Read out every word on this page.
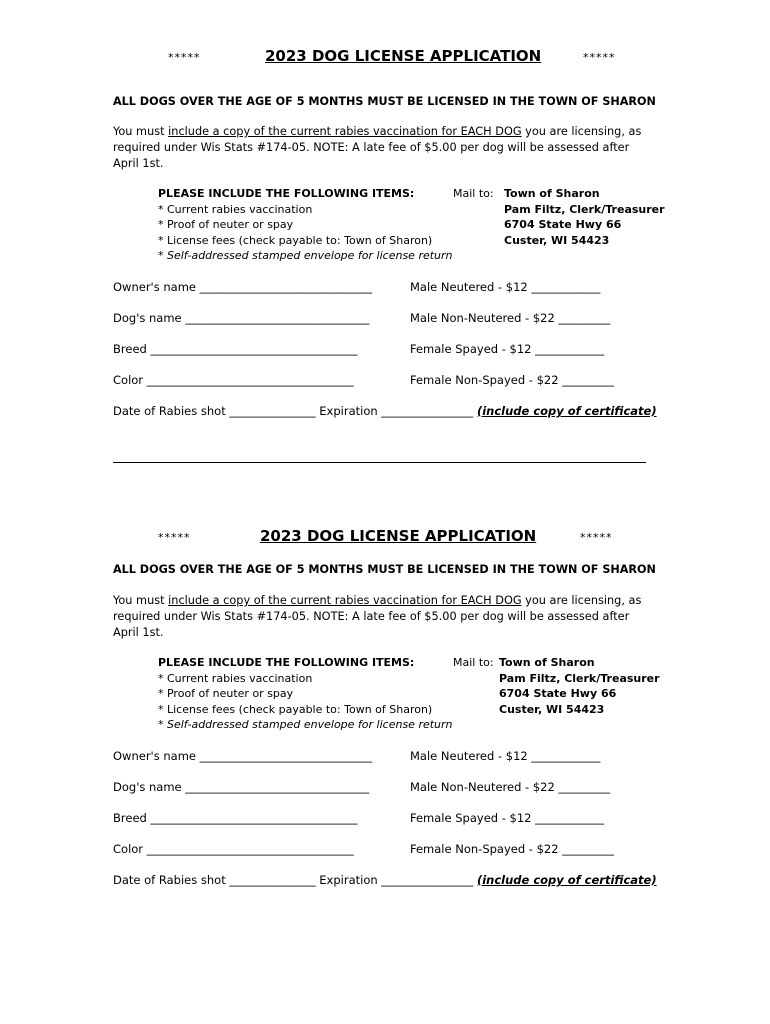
*****	2023 DOG LICENSE APPLICATION	*****
ALL DOGS OVER THE AGE OF 5 MONTHS MUST BE LICENSED IN THE TOWN OF SHARON
You must include a copy of the current rabies vaccination for EACH DOG you are licensing, as required under Wis Stats #174-05. NOTE: A late fee of $5.00 per dog will be assessed after April 1st.
PLEASE INCLUDE THE FOLLOWING ITEMS:
* Current rabies vaccination
* Proof of neuter or spay
* License fees (check payable to: Town of Sharon)
* Self-addressed stamped envelope for license return
Mail to: Town of Sharon
Pam Filtz, Clerk/Treasurer
6704 State Hwy 66
Custer, WI 54423
Owner's name ______________________________	Male Neutered - $12 ____________
Dog's name ________________________________	Male Non-Neutered - $22 _________
Breed ____________________________________	Female Spayed - $12 ____________
Color ____________________________________	Female Non-Spayed - $22 _________
Date of Rabies shot _______________ Expiration ________________ (include copy of certificate)
*****	2023 DOG LICENSE APPLICATION	*****
ALL DOGS OVER THE AGE OF 5 MONTHS MUST BE LICENSED IN THE TOWN OF SHARON
You must include a copy of the current rabies vaccination for EACH DOG you are licensing, as required under Wis Stats #174-05. NOTE: A late fee of $5.00 per dog will be assessed after April 1st.
PLEASE INCLUDE THE FOLLOWING ITEMS:
* Current rabies vaccination
* Proof of neuter or spay
* License fees (check payable to: Town of Sharon)
* Self-addressed stamped envelope for license return
Mail to: Town of Sharon
Pam Filtz, Clerk/Treasurer
6704 State Hwy 66
Custer, WI 54423
Owner's name ______________________________	Male Neutered - $12 ____________
Dog's name ________________________________	Male Non-Neutered - $22 _________
Breed ____________________________________	Female Spayed - $12 ____________
Color ____________________________________	Female Non-Spayed - $22 _________
Date of Rabies shot _______________ Expiration ________________ (include copy of certificate)
